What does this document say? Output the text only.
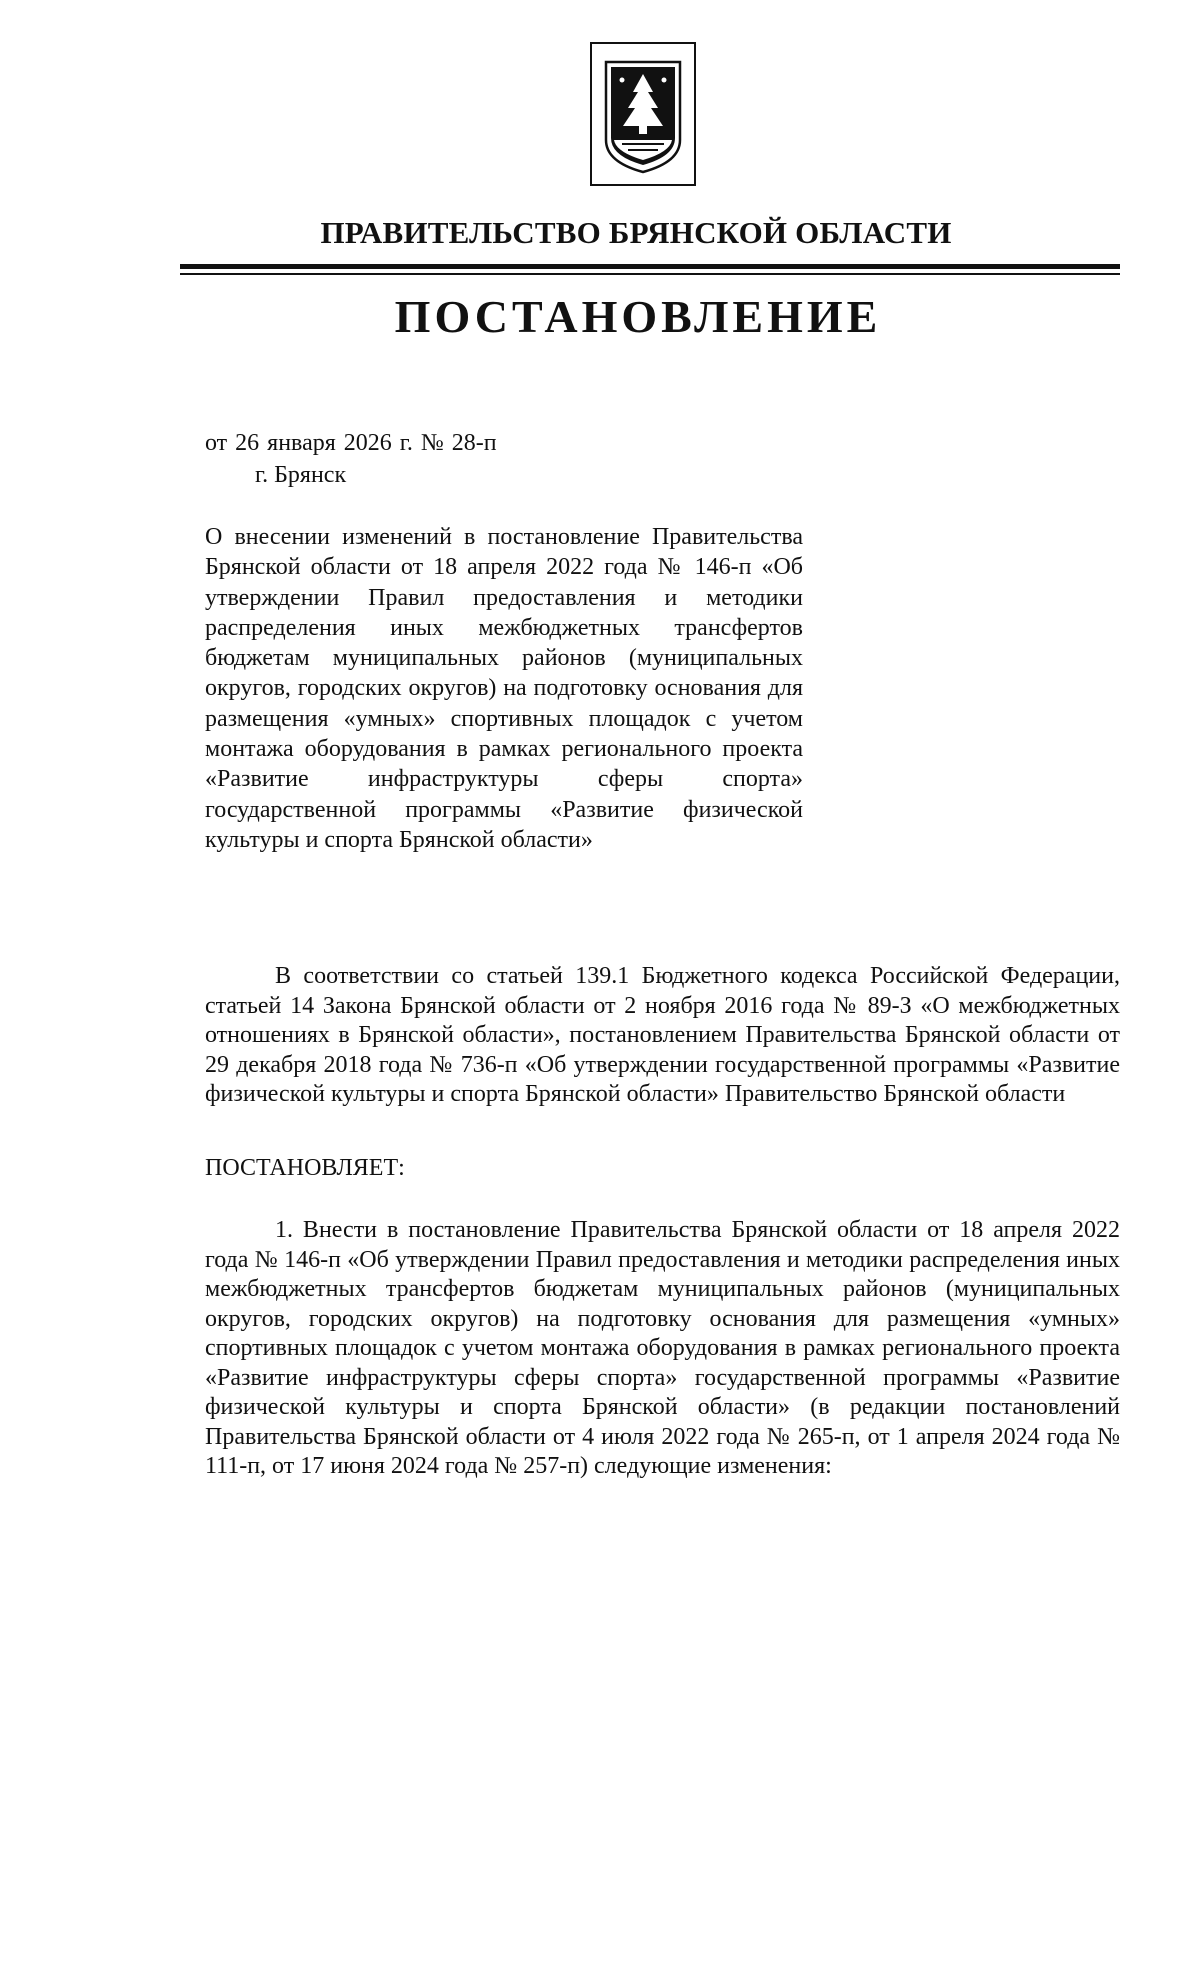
ПРАВИТЕЛЬСТВО БРЯНСКОЙ ОБЛАСТИ
ПОСТАНОВЛЕНИЕ
от 26 января 2026 г. № 28-п
г. Брянск
О внесении изменений в постановление Правительства Брянской области от 18 апреля 2022 года № 146-п «Об утверждении Правил предоставления и методики распределения иных межбюджетных трансфертов бюджетам муниципальных районов (муниципальных округов, городских округов) на подготовку основания для размещения «умных» спортивных площадок с учетом монтажа оборудования в рамках регионального проекта «Развитие инфраструктуры сферы спорта» государственной программы «Развитие физической культуры и спорта Брянской области»
В соответствии со статьей 139.1 Бюджетного кодекса Российской Федерации, статьей 14 Закона Брянской области от 2 ноября 2016 года № 89-З «О межбюджетных отношениях в Брянской области», постановлением Правительства Брянской области от 29 декабря 2018 года № 736-п «Об утверждении государственной программы «Развитие физической культуры и спорта Брянской области» Правительство Брянской области
ПОСТАНОВЛЯЕТ:
1. Внести в постановление Правительства Брянской области от 18 апреля 2022 года № 146-п «Об утверждении Правил предоставления и методики распределения иных межбюджетных трансфертов бюджетам муниципальных районов (муниципальных округов, городских округов) на подготовку основания для размещения «умных» спортивных площадок с учетом монтажа оборудования в рамках регионального проекта «Развитие инфраструктуры сферы спорта» государственной программы «Развитие физической культуры и спорта Брянской области» (в редакции постановлений Правительства Брянской области от 4 июля 2022 года № 265-п, от 1 апреля 2024 года № 111-п, от 17 июня 2024 года № 257-п) следующие изменения:
